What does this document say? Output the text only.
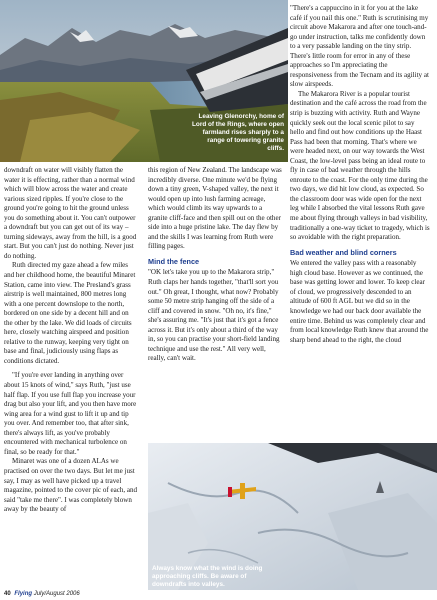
Leaving Glenorchy, home of Lord of the Rings, where open farmland rises sharply to a range of towering granite cliffs.

downdraft on water will visibly flatten the water it is effecting, rather than a normal wind which will blow across the water and create various sized ripples. If you're close to the ground you're going to hit the ground unless you do something about it. You can't outpower a downdraft but you can get out of its way – turning sideways, away from the hill, is a good start. But you can't just do nothing. Never just do nothing.

Ruth directed my gaze ahead a few miles and her childhood home, the beautiful Minaret Station, came into view. The Presland's grass airstrip is well maintained, 800 metres long with a one percent downslope to the north, bordered on one side by a decent hill and on the other by the lake. We did loads of circuits here, closely watching airspeed and position relative to the runway, keeping very tight on base and final, judiciously using flaps as conditions dictated.

"If you're ever landing in anything over about 15 knots of wind," says Ruth, "just use half flap. If you use full flap you increase your drag but also your lift, and you then have more wing area for a wind gust to lift it up and tip you over. And remember too, that after sink, there's always lift, as you've probably encountered with mechanical turbolence on final, so be ready for that."

Minaret was one of a dozen ALAs we practised on over the two days. But let me just say, I may as well have picked up a travel magazine, pointed to the cover pic of each, and said "take me there". I was completely blown away by the beauty of

this region of New Zealand. The landscape was incredibly diverse. One minute we'd be flying down a tiny green, V-shaped valley, the next it would open up into lush farming acreage, which would climb its way upwards to a granite cliff-face and then spill out on the other side into a huge pristine lake. The day flew by and the skills I was learning from Ruth were filling pages.

Mind the fence

"OK let's take you up to the Makarora strip," Ruth claps her hands together, "that'll sort you out." Oh great, I thought, what now? Probably some 50 metre strip hanging off the side of a cliff and covered in snow. "Oh no, it's fine," she's assuring me. "It's just that it's got a fence across it. But it's only about a third of the way in, so you can practise your short-field landing technique and use the rest." All very well, really, can't wait.

"There's a cappuccino in it for you at the lake café if you nail this one." Ruth is scrutinising my circuit above Makarora and after one touch-and-go under instruction, talks me confidently down to a very passable landing on the tiny strip. There's little room for error in any of these approaches so I'm appreciating the responsiveness from the Tecnam and its agility at slow airspeeds.

The Makarora River is a popular tourist destination and the café across the road from the strip is buzzing with activity. Ruth and Wayne quickly seek out the local scenic pilot to say hello and find out how conditions up the Haast Pass had been that morning. That's where we were headed next, on our way towards the West Coast, the low-level pass being an ideal route to fly in case of bad weather through the hills enroute to the coast. For the only time during the two days, we did hit low cloud, as expected. So the classroom door was wide open for the next leg while I absorbed the vital lessons Ruth gave me about flying through valleys in bad visibility, traditionally a one-way ticket to tragedy, which is so avoidable with the right preparation.

Bad weather and blind corners

We entered the valley pass with a reasonably high cloud base. However as we continued, the base was getting lower and lower. To keep clear of cloud, we progressively descended to an altitude of 600 ft AGL but we did so in the knowledge we had our back door available the entire time. Behind us was completely clear and from local knowledge Ruth knew that around the sharp bend ahead to the right, the cloud

Always know what the wind is doing approaching cliffs. Be aware of downdrafts into valleys.
40 Flying July/August 2006
